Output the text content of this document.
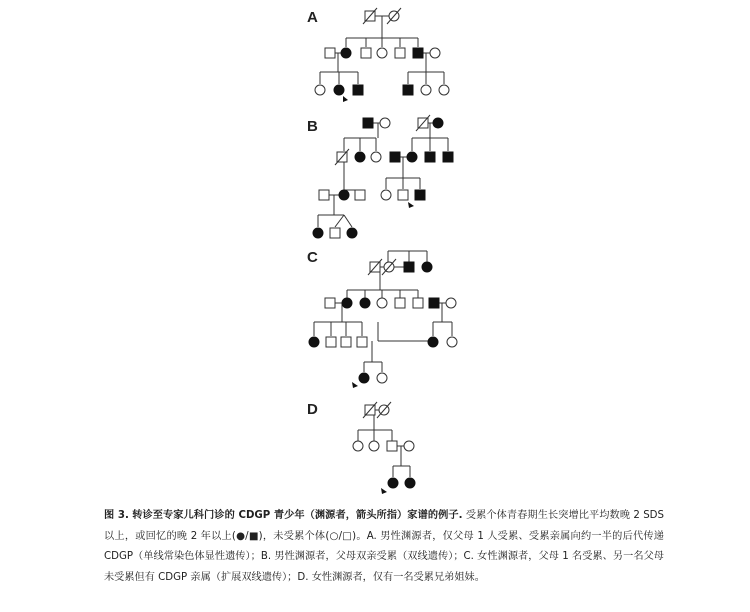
A
B
C
D
图 3. 转诊至专家儿科门诊的 CDGP 青少年（渊源者，箭头所指）家谱的例子. 受累个体青春期生长突增比平均数晚 2 SDS 以上，或回忆的晚 2 年以上(●/■)，未受累个体(○/□)。A. 男性渊源者，仅父母 1 人受累、受累亲属向约一半的后代传递 CDGP（单线常染色体显性遗传）；B. 男性渊源者，父母双亲受累（双线遗传）；C. 女性渊源者，父母 1 名受累、另一名父母未受累但有 CDGP 亲属（扩展双线遗传）；D. 女性渊源者，仅有一名受累兄弟姐妹。
